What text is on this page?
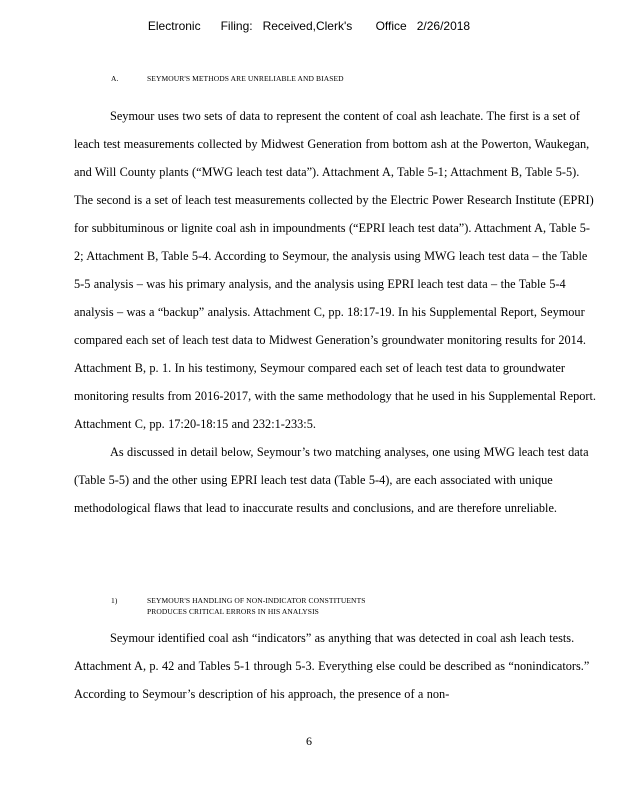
Electronic      Filing:   Received,Clerk's       Office   2/26/2018
A.	SEYMOUR'S METHODS ARE UNRELIABLE AND BIASED

Seymour uses two sets of data to represent the content of coal ash leachate. The first is a set of leach test measurements collected by Midwest Generation from bottom ash at the Powerton, Waukegan, and Will County plants (“MWG leach test data”). Attachment A, Table 5-1; Attachment B, Table 5-5). The second is a set of leach test measurements collected by the Electric Power Research Institute (EPRI) for subbituminous or lignite coal ash in impoundments (“EPRI leach test data”). Attachment A, Table 5-2; Attachment B, Table 5-4. According to Seymour, the analysis using MWG leach test data – the Table 5-5 analysis – was his primary analysis, and the analysis using EPRI leach test data – the Table 5-4 analysis – was a “backup” analysis. Attachment C, pp. 18:17-19. In his Supplemental Report, Seymour compared each set of leach test data to Midwest Generation’s groundwater monitoring results for 2014. Attachment B, p. 1. In his testimony, Seymour compared each set of leach test data to groundwater monitoring results from 2016-2017, with the same methodology that he used in his Supplemental Report. Attachment C, pp. 17:20-18:15 and 232:1-233:5.

As discussed in detail below, Seymour’s two matching analyses, one using MWG leach test data (Table 5-5) and the other using EPRI leach test data (Table 5-4), are each associated with unique methodological flaws that lead to inaccurate results and conclusions, and are therefore unreliable.

1)	SEYMOUR'S HANDLING OF NON-INDICATOR CONSTITUENTS
PRODUCES CRITICAL ERRORS IN HIS ANALYSIS

Seymour identified coal ash “indicators” as anything that was detected in coal ash leach tests. Attachment A, p. 42 and Tables 5-1 through 5-3. Everything else could be described as “nonindicators.” According to Seymour’s description of his approach, the presence of a non-

6
